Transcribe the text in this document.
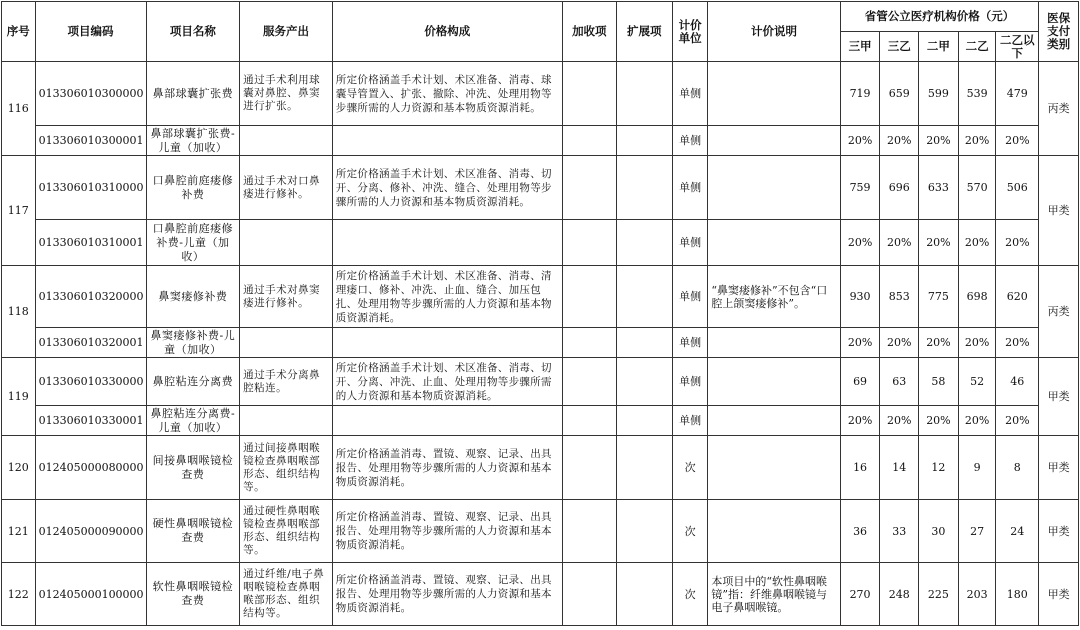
序号	项目编码	项目名称	服务产出	价格构成	加收项	扩展项	计价单位	计价说明	省管公立医疗机构价格（元）					医保支付类别
									三甲	三乙	二甲	二乙	二乙以下	
116	013306010300000	鼻部球囊扩张费	通过手术利用球囊对鼻腔、鼻窦进行扩张。	所定价格涵盖手术计划、术区准备、消毒、球囊导管置入、扩张、撤除、冲洗、处理用物等步骤所需的人力资源和基本物质资源消耗。			单侧		719	659	599	539	479	丙类
	013306010300001	鼻部球囊扩张费-儿童（加收）					单侧		20%	20%	20%	20%	20%	
117	013306010310000	口鼻腔前庭瘘修补费	通过手术对口鼻瘘进行修补。	所定价格涵盖手术计划、术区准备、消毒、切开、分离、修补、冲洗、缝合、处理用物等步骤所需的人力资源和基本物质资源消耗。			单侧		759	696	633	570	506	甲类
	013306010310001	口鼻腔前庭瘘修补费-儿童（加收）					单侧		20%	20%	20%	20%	20%	
118	013306010320000	鼻窦瘘修补费	通过手术对鼻窦瘘进行修补。	所定价格涵盖手术计划、术区准备、消毒、清理瘘口、修补、冲洗、止血、缝合、加压包扎、处理用物等步骤所需的人力资源和基本物质资源消耗。			单侧	“鼻窦瘘修补”不包含“口腔上颌窦瘘修补”。	930	853	775	698	620	丙类
	013306010320001	鼻窦瘘修补费-儿童（加收）					单侧		20%	20%	20%	20%	20%	
119	013306010330000	鼻腔粘连分离费	通过手术分离鼻腔粘连。	所定价格涵盖手术计划、术区准备、消毒、切开、分离、冲洗、止血、处理用物等步骤所需的人力资源和基本物质资源消耗。			单侧		69	63	58	52	46	甲类
	013306010330001	鼻腔粘连分离费-儿童（加收）					单侧		20%	20%	20%	20%	20%	
120	012405000080000	间接鼻咽喉镜检查费	通过间接鼻咽喉镜检查鼻咽喉部形态、组织结构等。	所定价格涵盖消毒、置镜、观察、记录、出具报告、处理用物等步骤所需的人力资源和基本物质资源消耗。			次		16	14	12	9	8	甲类
121	012405000090000	硬性鼻咽喉镜检查费	通过硬性鼻咽喉镜检查鼻咽喉部形态、组织结构等。	所定价格涵盖消毒、置镜、观察、记录、出具报告、处理用物等步骤所需的人力资源和基本物质资源消耗。			次		36	33	30	27	24	甲类
122	012405000100000	软性鼻咽喉镜检查费	通过纤维/电子鼻咽喉镜检查鼻咽喉部形态、组织结构等。	所定价格涵盖消毒、置镜、观察、记录、出具报告、处理用物等步骤所需的人力资源和基本物质资源消耗。			次	本项目中的“软性鼻咽喉镜”指：纤维鼻咽喉镜与电子鼻咽喉镜。	270	248	225	203	180	甲类
